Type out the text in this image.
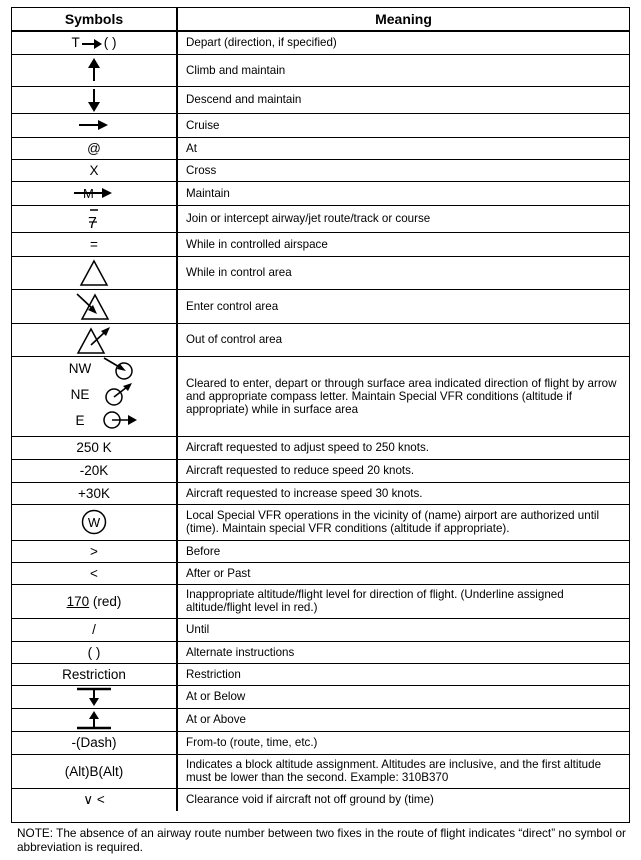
Symbols	Meaning
T ( )	Depart (direction, if specified)

	Climb and maintain

	Descend and maintain

	Cruise
@	At
X	Cross

M	Maintain

7	Join or intercept airway/jet route/track or course
=	While in controlled airspace

	While in control area

	Enter control area

	Out of control area

NW
NE
E	Cleared to enter, depart or through surface area indicated direction of flight by arrow and appropriate compass letter. Maintain Special VFR conditions (altitude if appropriate) while in surface area
250 K	Aircraft requested to adjust speed to 250 knots.
-20K	Aircraft requested to reduce speed 20 knots.
+30K	Aircraft requested to increase speed 30 knots.

W	Local Special VFR operations in the vicinity of (name) airport are authorized until (time). Maintain special VFR conditions (altitude if appropriate).
>	Before
<	After or Past
170 (red)	Inappropriate altitude/flight level for direction of flight. (Underline assigned altitude/flight level in red.)
/	Until
( )	Alternate instructions
Restriction	Restriction

	At or Below

	At or Above
-(Dash)	From-to (route, time, etc.)
(Alt)B(Alt)	Indicates a block altitude assignment. Altitudes are inclusive, and the first altitude must be lower than the second. Example: 310B370
∨ <	Clearance void if aircraft not off ground by (time)
NOTE: The absence of an airway route number between two fixes in the route of flight indicates “direct” no symbol or abbreviation is required.
